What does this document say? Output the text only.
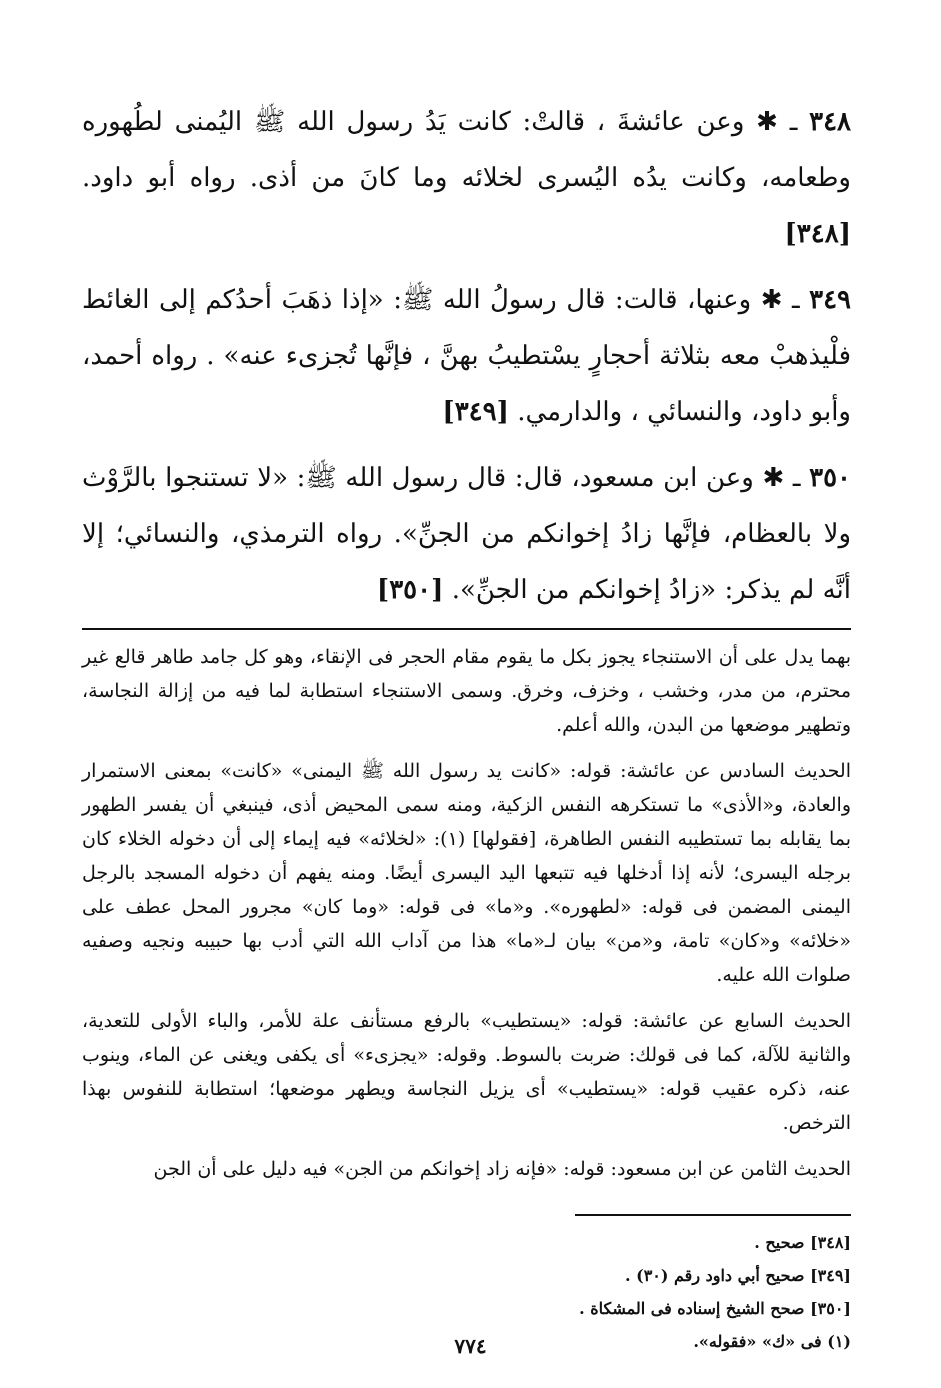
٣٤٨ ـ ✱ وعن عائشةَ ، قالتْ: كانت يَدُ رسول الله ﷺ اليُمنى لطُهوره وطعامه، وكانت يدُه اليُسرى لخلائه وما كانَ من أذى. رواه أبو داود. [٣٤٨]

٣٤٩ ـ ✱ وعنها، قالت: قال رسولُ الله ﷺ: «إذا ذهَبَ أحدُكم إلى الغائط فلْيذهبْ معه بثلاثة أحجارٍ يسْتطيبُ بهنَّ ، فإنَّها تُجزىء عنه» . رواه أحمد، وأبو داود، والنسائي ، والدارمي. [٣٤٩]

٣٥٠ ـ ✱ وعن ابن مسعود، قال: قال رسول الله ﷺ: «لا تستنجوا بالرَّوْث ولا بالعظام، فإنَّها زادُ إخوانكم من الجنِّ». رواه الترمذي، والنسائي؛ إلا أنَّه لم يذكر: «زادُ إخوانكم من الجنِّ». [٣٥٠]

بهما يدل على أن الاستنجاء يجوز بكل ما يقوم مقام الحجر فى الإنقاء، وهو كل جامد طاهر قالع غير محترم، من مدر، وخشب ، وخزف، وخرق. وسمى الاستنجاء استطابة لما فيه من إزالة النجاسة، وتطهير موضعها من البدن، والله أعلم.

الحديث السادس عن عائشة: قوله: «كانت يد رسول الله ﷺ اليمنى» «كانت» بمعنى الاستمرار والعادة، و«الأذى» ما تستكرهه النفس الزكية، ومنه سمى المحيض أذى، فينبغي أن يفسر الطهور بما يقابله بما تستطيبه النفس الطاهرة، [فقولها] (١): «لخلائه» فيه إيماء إلى أن دخوله الخلاء كان برجله اليسرى؛ لأنه إذا أدخلها فيه تتبعها اليد اليسرى أيضًا. ومنه يفهم أن دخوله المسجد بالرجل اليمنى المضمن فى قوله: «لطهوره». و«ما» فى قوله: «وما كان» مجرور المحل عطف على «خلائه» و«كان» تامة، و«من» بيان لـ«ما» هذا من آداب الله التي أدب بها حبيبه ونجيه وصفيه صلوات الله عليه.

الحديث السابع عن عائشة: قوله: «يستطيب» بالرفع مستأنف علة للأمر، والباء الأولى للتعدية، والثانية للآلة، كما فى قولك: ضربت بالسوط. وقوله: «يجزىء» أى يكفى ويغنى عن الماء، وينوب عنه، ذكره عقيب قوله: «يستطيب» أى يزيل النجاسة ويطهر موضعها؛ استطابة للنفوس بهذا الترخص.

الحديث الثامن عن ابن مسعود: قوله: «فإنه زاد إخوانكم من الجن» فيه دليل على أن الجن

[٣٤٨] صحيح .

[٣٤٩] صحيح أبي داود رقم (٣٠) .

[٣٥٠] صحح الشيخ إسناده فى المشكاة .

(١) فى «ك» «فقوله».

٧٧٤
